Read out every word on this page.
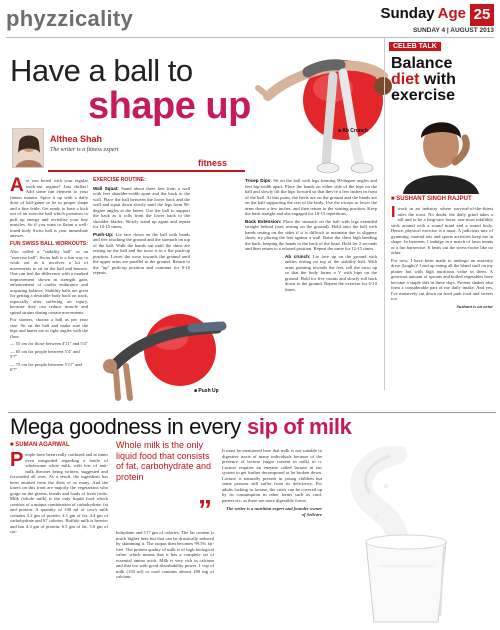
phyzzicality	Sunday Age 25
SUNDAY 4 | AUGUST 2013
Have a ball to
shape up
■ Ab Crunch
Althea Shah
The writer is a fitness expert
fitness

Are you bored with your regular work-out regime? Just chillax! Add some fun element to your fitness mantra. Spice it up with a daily dose of ball-game to be in proper shape and a fine fettle. Get ready to have a kick out of an exercise ball which promises to puff up energy and revitalise your tiny muscles. So if you want to flaunt a well-toned body Swiss ball is your immediate answer.

FUN SWISS BALL WORKOUTS:

Also called a "stability ball" or an "exercise ball", Swiss ball is a fun way to work out as it involves a lot of movements to sit on the ball and bounce. One can feel the difference with a marked improvement shown in strength gain, enhancement of cardio endurance and acquiring balance. Stability balls are great for getting a desirable body back on track, especially after suffering an injury, because they can reduce muscle and spinal strains during certain movements.

For starters, choose a ball as per your size. Sit on the ball and make sure the hips and knees are at right angles with the floor.

— 55 cm for those between 4'11" and 5'4"

— 65 cm for people between 5'4" and 5'7"

— 75 cm for people between 5'11" and 6'7"

EXERCISE ROUTINE:

Wall Squat: Stand about three feet from a wall with feet shoulder-width apart and the back to the wall. Place the ball between the lower back and the wall and squat down slowly until the legs form 90-degree angles at the knees. Use the ball to support the back as it rolls from the lower back to the shoulder blades. Slowly stand up again and repeat for 10-15 times.

Push-Up: Lie face down on the ball with hands and feet touching the ground and the stomach on top of the ball. Walk the hands out until the shins are resting on the ball and the torso is in a flat push-up position. Lower the torso towards the ground until the upper arms are parallel to the ground. Return to the "up" push-up position and continue for 8-10 repeats.

■ Push Up

Tricep Dips: Sit on the ball with legs forming 90-degree angles and feet hip-width apart. Place the hands on either side of the hips on the ball and slowly lift the hips forward so that they're a few inches in front of the ball. At this point, the heels are on the ground and the hands are on the ball supporting the rest of the body. Use the triceps to lower the arms down a few inches, and then return to the starting position. Keep the back straight and abs engaged for 10-15 repetitions.

Back Extension: Place the stomach on the ball with legs extended straight behind (toes resting on the ground). Hold onto the ball with hands resting on the sides if it is difficult to maintain due to slippery shoes, try placing the feet against a wall. Raise the chest high bending the back, keeping the hands to the back of the head. Hold for 2 seconds and then return to a relaxed position. Repeat the same for 12-15 times.

Ab crunch: Lie face up on the ground with ankles resting on top of the stability ball. With arms pointing towards the feet, roll the torso up so that the body forms a V with hips on the ground. Hold for five counts and slowly roll back down to the ground. Repeat the exercise for 6-10 times.

CELEB TALK
Balance
diet with
exercise
■ SUSHANT SINGH RAJPUT

Iwork in an industry where survival-of-the-fittest rules the roost. No doubt, the daily grind takes a toll and to be a long-race horse, one must infallibly stick around with a sound mind and a sound body. Hence, physical exercise is a must. A judicious mix of gymming, martial arts and sports activities keep me in shape. In between, I indulge in a match of lawn tennis or a fun barsercise. It beats out the stress-factor like no other.

For now, I have been made to undergo an austerity drive (laughs)! I end up eating all the bland stuff on my platter but with high nutritious value in them. A generous amount of sprouts and boiled vegetables have become a staple diet in these days. Protein shakes also form a considerable part of my daily intake. And yes, I've massively cut down on fried junk food and sweets too.

Sushant is an actor

Mega goodness in every sip of milk
■ SUMAN AGARWAL

People have been really confused and at times even misguided regarding a bottle of wholesome white milk, with lots of anti-milk theories being written, suggested and forwarded all over. As a result, the ingredient has been omitted from the diets of so many. And the losers on this front are majorly the vegetarians who gorge on the greens, breads and loads of fresh fruits. Milk (whole milk) is the only liquid food which consists of a unique combination of carbohydrate, fat and protein. A quantity of 100 ml of cow's milk contains 3.2 gm of protein, 4.1 gm of fat, 4.4 gm of carbohydrate and 67 calories. Buffalo milk is heavier and has 4.3 gm of protein, 6.5 gm of fat, 5.0 gm of car-

Whole milk is the only liquid food that consists of fat, carbohydrate and protein
”

bohydrate and 117 gm of calories. The fat content is much higher here but that can be drastically reduced by skimming it. The output then becomes 99.5% fat-free. The protein quality of milk is of high biological value, which means that it has a complete set of essential amino acids. Milk is very rich in calcium and that too with good absorbability power. 1 cup of milk (150 ml) or curd contains almost 180 mg of calcium.

It must be mentioned here that milk is not suitable to digestive tracts of many individuals because of the presence of lactose (sugar content in milk) in it. Lactose requires an enzyme called lactase in our system to get further decomposed or be broken down. Lactase is naturally present in young children but some persons still suffer from its deficiency. For adults lacking in lactase, the crisis can be covered up by its consumption in other forms such as curd, paneer etc. as these are more digestible forms.

The writer is a nutrition expert and founder-owner of Sellcare
